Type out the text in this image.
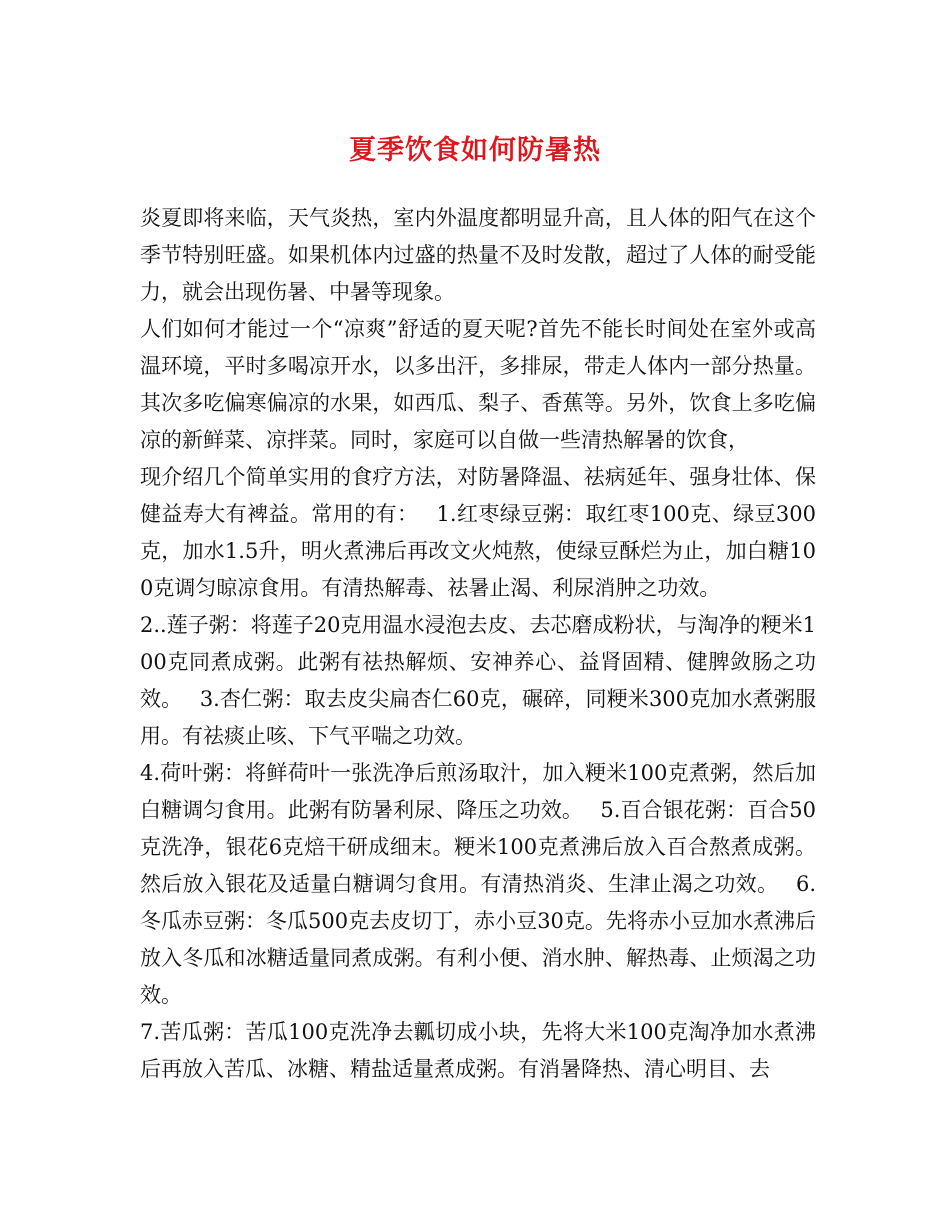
夏季饮食如何防暑热

炎夏即将来临，天气炎热，室内外温度都明显升高，且人体的阳气在这个季节特别旺盛。如果机体内过盛的热量不及时发散，超过了人体的耐受能力，就会出现伤暑、中暑等现象。

人们如何才能过一个“凉爽”舒适的夏天呢?首先不能长时间处在室外或高温环境，平时多喝凉开水，以多出汗，多排尿，带走人体内一部分热量。其次多吃偏寒偏凉的水果，如西瓜、梨子、香蕉等。另外，饮食上多吃偏凉的新鲜菜、凉拌菜。同时，家庭可以自做一些清热解暑的饮食，

现介绍几个简单实用的食疗方法，对防暑降温、祛病延年、强身壮体、保健益寿大有裨益。常用的有：　 1.红枣绿豆粥：取红枣100克、绿豆300克，加水1.5升，明火煮沸后再改文火炖熬，使绿豆酥烂为止，加白糖100克调匀晾凉食用。有清热解毒、祛暑止渴、利尿消肿之功效。

2..莲子粥：将莲子20克用温水浸泡去皮、去芯磨成粉状，与淘净的粳米100克同煮成粥。此粥有祛热解烦、安神养心、益肾固精、健脾敛肠之功效。　 3.杏仁粥：取去皮尖扁杏仁60克，碾碎，同粳米300克加水煮粥服用。有祛痰止咳、下气平喘之功效。

4.荷叶粥：将鲜荷叶一张洗净后煎汤取汁，加入粳米100克煮粥，然后加白糖调匀食用。此粥有防暑利尿、降压之功效。　 5.百合银花粥：百合50克洗净，银花6克焙干研成细末。粳米100克煮沸后放入百合熬煮成粥。然后放入银花及适量白糖调匀食用。有清热消炎、生津止渴之功效。　 6.冬瓜赤豆粥：冬瓜500克去皮切丁，赤小豆30克。先将赤小豆加水煮沸后放入冬瓜和冰糖适量同煮成粥。有利小便、消水肿、解热毒、止烦渴之功效。

7.苦瓜粥：苦瓜100克洗净去瓤切成小块，先将大米100克淘净加水煮沸后再放入苦瓜、冰糖、精盐适量煮成粥。有消暑降热、清心明目、去
